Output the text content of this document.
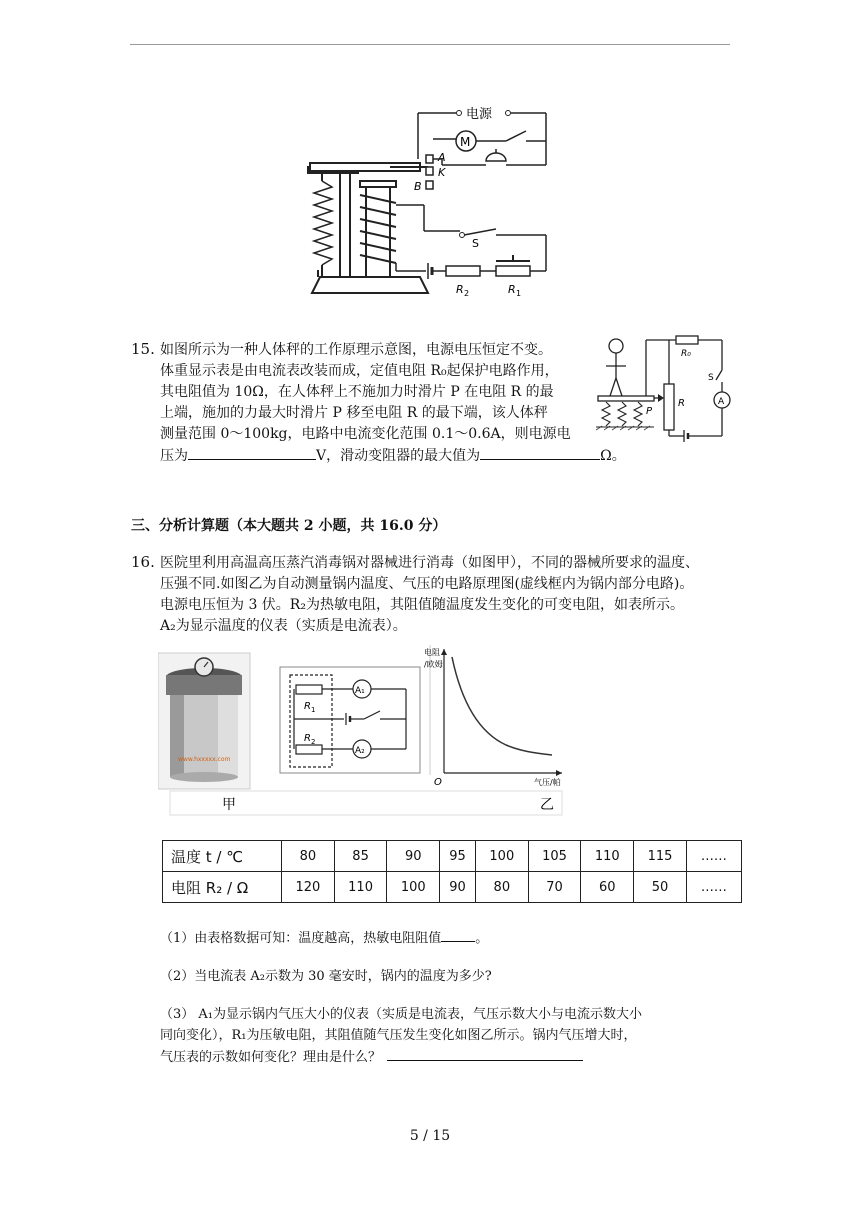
A
K
B
电源
M
S
R 2	R 1
15. 如图所示为一种人体秤的工作原理示意图，电源电压恒定不变。
体重显示表是由电流表改装而成，定值电阻 R₀起保护电路作用，
其电阻值为 10Ω，在人体秤上不施加力时滑片 P 在电阻 R 的最
上端，施加的力最大时滑片 P 移至电阻 R 的最下端，该人体秤
测量范围 0～100kg，电路中电流变化范围 0.1～0.6A，则电源电
压为	V，滑动变阻器的最大值为	Ω。
P
R
R₀
S
A
三、分析计算题（本大题共 2 小题，共 16.0 分）
16. 医院里利用高温高压蒸汽消毒锅对器械进行消毒（如图甲），不同的器械所要求的温度、
压强不同.如图乙为自动测量锅内温度、气压的电路原理图(虚线框内为锅内部分电路)。
电源电压恒为 3 伏。R₂为热敏电阻，其阻值随温度发生变化的可变电阻，如表所示。
A₂为显示温度的仪表（实质是电流表）。
www.hxxxxx.com
R 1
R 2
A₁
A₂
电阻
/欧姆
气压/帕
O
甲	乙
温度 t / ℃	80	85	90	95	100	105	110	115	……
电阻 R₂ / Ω	120	110	100	90	80	70	60	50	……
（1）由表格数据可知：温度越高，热敏电阻阻值	。
（2）当电流表 A₂示数为 30 毫安时，锅内的温度为多少?
（3） A₁为显示锅内气压大小的仪表（实质是电流表，气压示数大小与电流示数大小
同向变化），R₁为压敏电阻，其阻值随气压发生变化如图乙所示。锅内气压增大时，
气压表的示数如何变化？理由是什么？
5 / 15
